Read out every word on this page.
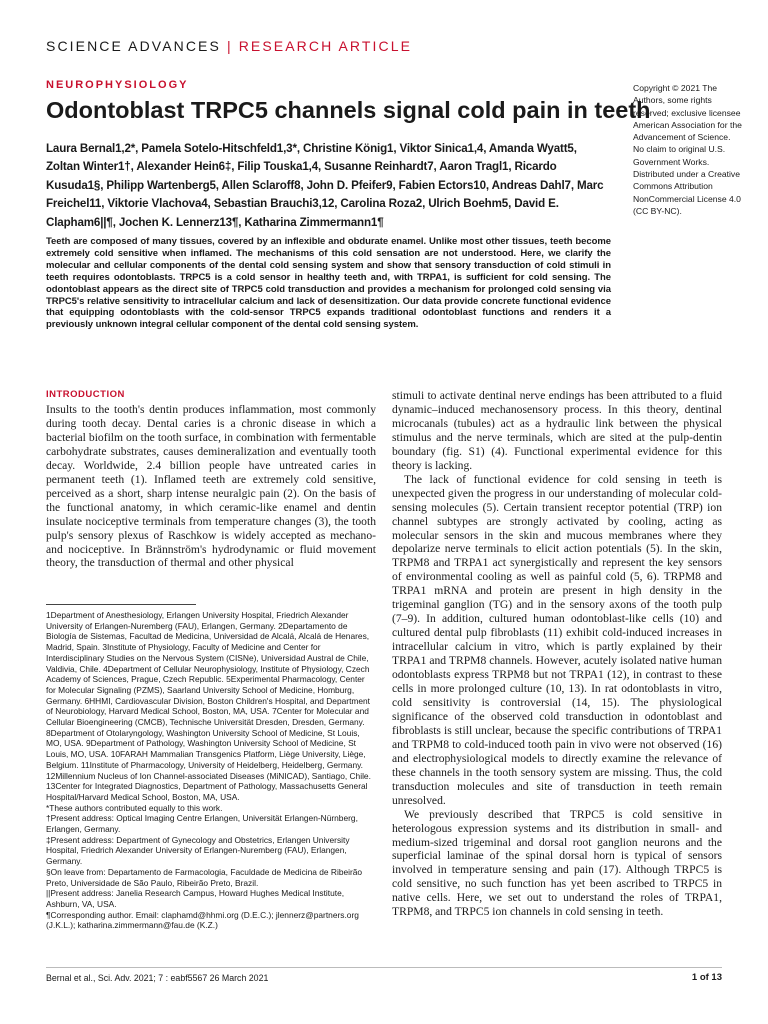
SCIENCE ADVANCES | RESEARCH ARTICLE
NEUROPHYSIOLOGY
Odontoblast TRPC5 channels signal cold pain in teeth
Copyright © 2021 The Authors, some rights reserved; exclusive licensee American Association for the Advancement of Science. No claim to original U.S. Government Works. Distributed under a Creative Commons Attribution NonCommercial License 4.0 (CC BY-NC).
Laura Bernal1,2*, Pamela Sotelo-Hitschfeld1,3*, Christine König1, Viktor Sinica1,4, Amanda Wyatt5, Zoltan Winter1†, Alexander Hein6‡, Filip Touska1,4, Susanne Reinhardt7, Aaron Tragl1, Ricardo Kusuda1§, Philipp Wartenberg5, Allen Sclaroff8, John D. Pfeifer9, Fabien Ectors10, Andreas Dahl7, Marc Freichel11, Viktorie Vlachova4, Sebastian Brauchi3,12, Carolina Roza2, Ulrich Boehm5, David E. Clapham6||¶, Jochen K. Lennerz13¶, Katharina Zimmermann1¶
Teeth are composed of many tissues, covered by an inflexible and obdurate enamel. Unlike most other tissues, teeth become extremely cold sensitive when inflamed. The mechanisms of this cold sensation are not understood. Here, we clarify the molecular and cellular components of the dental cold sensing system and show that sensory transduction of cold stimuli in teeth requires odontoblasts. TRPC5 is a cold sensor in healthy teeth and, with TRPA1, is sufficient for cold sensing. The odontoblast appears as the direct site of TRPC5 cold transduction and provides a mechanism for prolonged cold sensing via TRPC5's relative sensitivity to intracellular calcium and lack of desensitization. Our data provide concrete functional evidence that equipping odontoblasts with the cold-sensor TRPC5 expands traditional odontoblast functions and renders it a previously unknown integral cellular component of the dental cold sensing system.
INTRODUCTION

Insults to the tooth's dentin produces inflammation, most commonly during tooth decay. Dental caries is a chronic disease in which a bacterial biofilm on the tooth surface, in combination with fermentable carbohydrate substrates, causes demineralization and eventually tooth decay. Worldwide, 2.4 billion people have untreated caries in permanent teeth (1). Inflamed teeth are extremely cold sensitive, perceived as a short, sharp intense neuralgic pain (2). On the basis of the functional anatomy, in which ceramic-like enamel and dentin insulate nociceptive terminals from temperature changes (3), the tooth pulp's sensory plexus of Raschkow is widely accepted as mechano- and nociceptive. In Brännström's hydrodynamic or fluid movement theory, the transduction of thermal and other physical

1Department of Anesthesiology, Erlangen University Hospital, Friedrich Alexander University of Erlangen-Nuremberg (FAU), Erlangen, Germany. 2Departamento de Biología de Sistemas, Facultad de Medicina, Universidad de Alcalá, Alcalá de Henares, Madrid, Spain. 3Institute of Physiology, Faculty of Medicine and Center for Interdisciplinary Studies on the Nervous System (CISNe), Universidad Austral de Chile, Valdivia, Chile. 4Department of Cellular Neurophysiology, Institute of Physiology, Czech Academy of Sciences, Prague, Czech Republic. 5Experimental Pharmacology, Center for Molecular Signaling (PZMS), Saarland University School of Medicine, Homburg, Germany. 6HHMI, Cardiovascular Division, Boston Children's Hospital, and Department of Neurobiology, Harvard Medical School, Boston, MA, USA. 7Center for Molecular and Cellular Bioengineering (CMCB), Technische Universität Dresden, Dresden, Germany. 8Department of Otolaryngology, Washington University School of Medicine, St Louis, MO, USA. 9Department of Pathology, Washington University School of Medicine, St Louis, MO, USA. 10FARAH Mammalian Transgenics Platform, Liège University, Liège, Belgium. 11Institute of Pharmacology, University of Heidelberg, Heidelberg, Germany. 12Millennium Nucleus of Ion Channel-associated Diseases (MiNICAD), Santiago, Chile. 13Center for Integrated Diagnostics, Department of Pathology, Massachusetts General Hospital/Harvard Medical School, Boston, MA, USA.

*These authors contributed equally to this work.

†Present address: Optical Imaging Centre Erlangen, Universität Erlangen-Nürnberg, Erlangen, Germany.

‡Present address: Department of Gynecology and Obstetrics, Erlangen University Hospital, Friedrich Alexander University of Erlangen-Nuremberg (FAU), Erlangen, Germany.

§On leave from: Departamento de Farmacologia, Faculdade de Medicina de Ribeirão Preto, Universidade de São Paulo, Ribeirão Preto, Brazil.

||Present address: Janelia Research Campus, Howard Hughes Medical Institute, Ashburn, VA, USA.

¶Corresponding author. Email: claphamd@hhmi.org (D.E.C.); jlennerz@partners.org (J.K.L.); katharina.zimmermann@fau.de (K.Z.)

stimuli to activate dentinal nerve endings has been attributed to a fluid dynamic–induced mechanosensory process. In this theory, dentinal microcanals (tubules) act as a hydraulic link between the physical stimulus and the nerve terminals, which are sited at the pulp-dentin boundary (fig. S1) (4). Functional experimental evidence for this theory is lacking.

The lack of functional evidence for cold sensing in teeth is unexpected given the progress in our understanding of molecular cold-sensing molecules (5). Certain transient receptor potential (TRP) ion channel subtypes are strongly activated by cooling, acting as molecular sensors in the skin and mucous membranes where they depolarize nerve terminals to elicit action potentials (5). In the skin, TRPM8 and TRPA1 act synergistically and represent the key sensors of environmental cooling as well as painful cold (5, 6). TRPM8 and TRPA1 mRNA and protein are present in high density in the trigeminal ganglion (TG) and in the sensory axons of the tooth pulp (7–9). In addition, cultured human odontoblast-like cells (10) and cultured dental pulp fibroblasts (11) exhibit cold-induced increases in intracellular calcium in vitro, which is partly explained by their TRPA1 and TRPM8 channels. However, acutely isolated native human odontoblasts express TRPM8 but not TRPA1 (12), in contrast to these cells in more prolonged culture (10, 13). In rat odontoblasts in vitro, cold sensitivity is controversial (14, 15). The physiological significance of the observed cold transduction in odontoblast and fibroblasts is still unclear, because the specific contributions of TRPA1 and TRPM8 to cold-induced tooth pain in vivo were not observed (16) and electrophysiological models to directly examine the relevance of these channels in the tooth sensory system are missing. Thus, the cold transduction molecules and site of transduction in teeth remain unresolved.

We previously described that TRPC5 is cold sensitive in heterologous expression systems and its distribution in small- and medium-sized trigeminal and dorsal root ganglion neurons and the superficial laminae of the spinal dorsal horn is typical of sensors involved in temperature sensing and pain (17). Although TRPC5 is cold sensitive, no such function has yet been ascribed to TRPC5 in native cells. Here, we set out to understand the roles of TRPA1, TRPM8, and TRPC5 ion channels in cold sensing in teeth.

Bernal et al., Sci. Adv. 2021; 7 : eabf5567 26 March 2021	1 of 13
